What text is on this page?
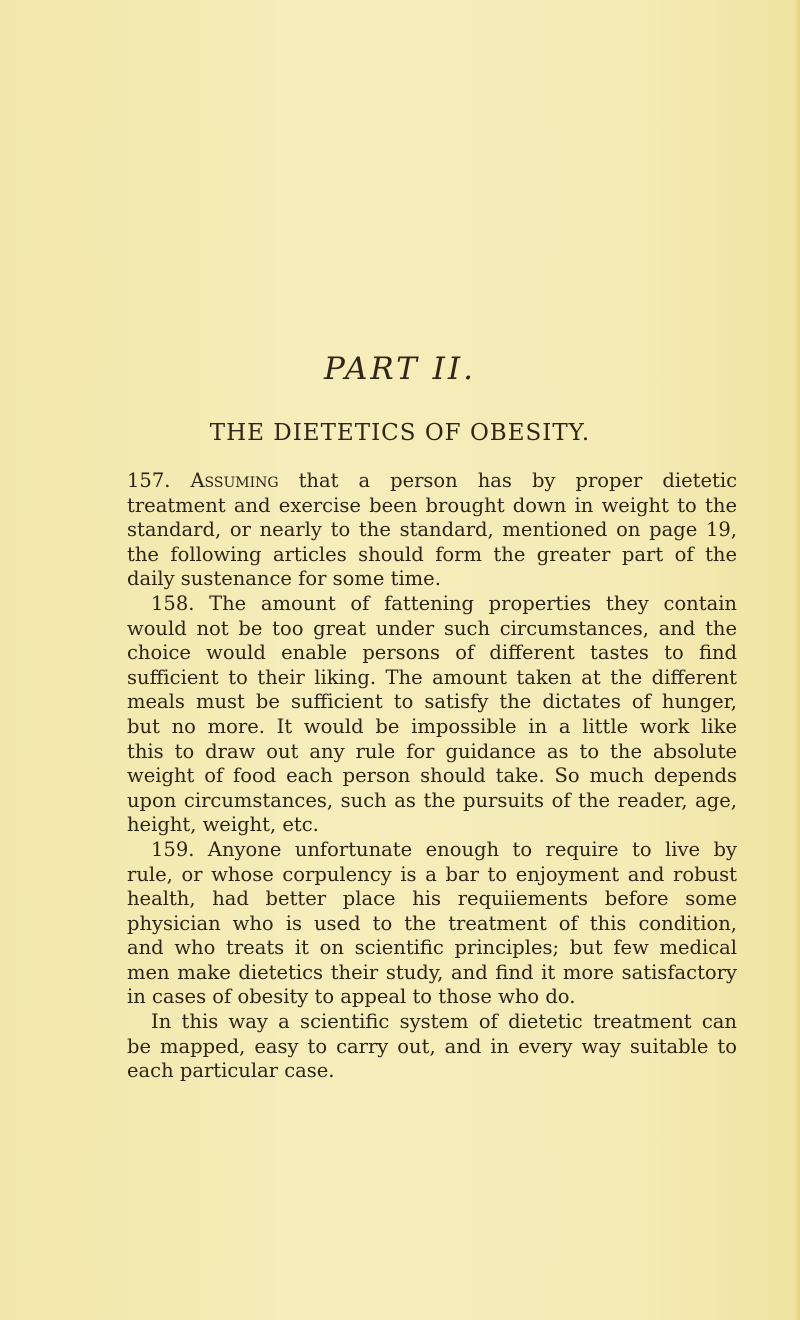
PART II.
THE DIETETICS OF OBESITY.
157. Assuming that a person has by proper dietetic
treatment and exercise been brought down in weight to the
standard, or nearly to the standard, mentioned on page 19,
the following articles should form the greater part of the
daily sustenance for some time.
158. The amount of fattening properties they contain
would not be too great under such circumstances, and the
choice would enable persons of different tastes to find
sufficient to their liking. The amount taken at the different
meals must be sufficient to satisfy the dictates of hunger,
but no more. It would be impossible in a little work like
this to draw out any rule for guidance as to the absolute
weight of food each person should take. So much depends
upon circumstances, such as the pursuits of the reader, age,
height, weight, etc.
159. Anyone unfortunate enough to require to live by
rule, or whose corpulency is a bar to enjoyment and robust
health, had better place his requiiements before some
physician who is used to the treatment of this condition,
and who treats it on scientific principles; but few medical
men make dietetics their study, and find it more satisfactory
in cases of obesity to appeal to those who do.
In this way a scientific system of dietetic treatment can
be mapped, easy to carry out, and in every way suitable to
each particular case.
